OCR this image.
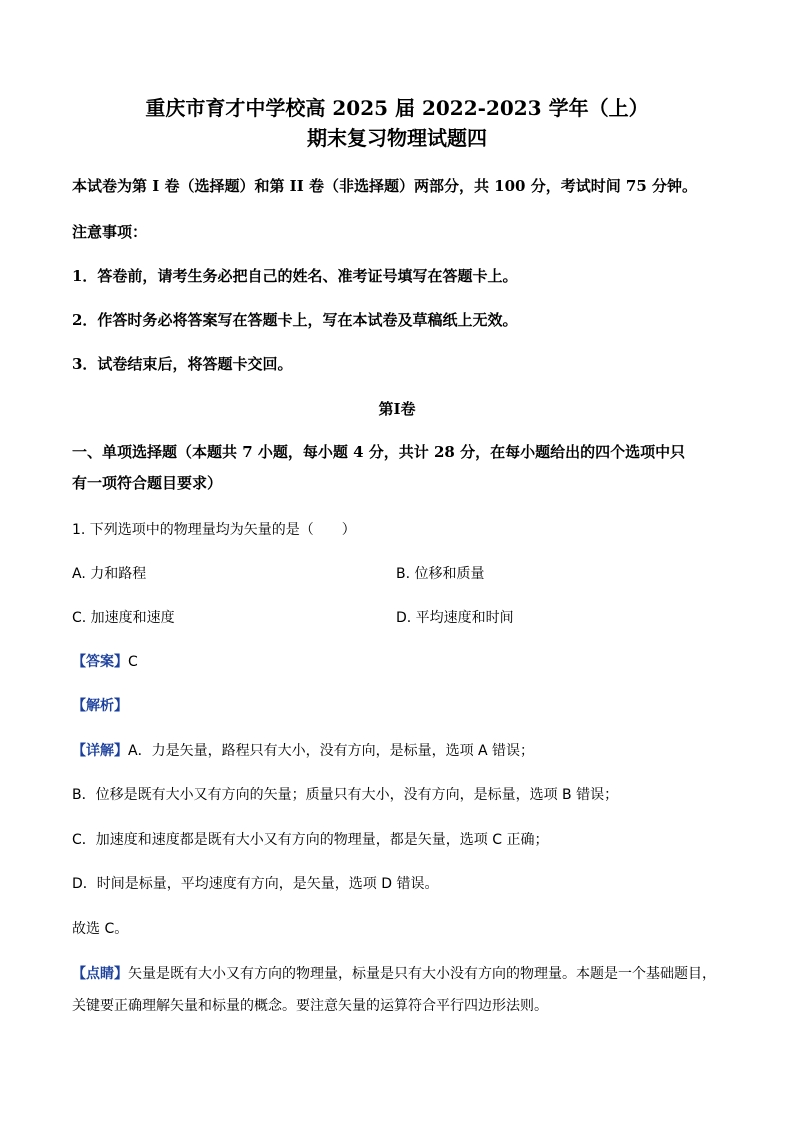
重庆市育才中学校高 2025 届 2022-2023 学年（上）
期末复习物理试题四
本试卷为第 I 卷（选择题）和第 II 卷（非选择题）两部分，共 100 分，考试时间 75 分钟。
注意事项：
1．答卷前，请考生务必把自己的姓名、准考证号填写在答题卡上。
2．作答时务必将答案写在答题卡上，写在本试卷及草稿纸上无效。
3．试卷结束后，将答题卡交回。
第Ⅰ卷
一、单项选择题（本题共 7 小题，每小题 4 分，共计 28 分，在每小题给出的四个选项中只
有一项符合题目要求）
1. 下列选项中的物理量均为矢量的是（　　）
A. 力和路程	B. 位移和质量
C. 加速度和速度	D. 平均速度和时间
【答案】C
【解析】
【详解】A．力是矢量，路程只有大小，没有方向，是标量，选项 A 错误；
B．位移是既有大小又有方向的矢量；质量只有大小，没有方向，是标量，选项 B 错误；
C．加速度和速度都是既有大小又有方向的物理量，都是矢量，选项 C 正确；
D．时间是标量，平均速度有方向，是矢量，选项 D 错误。
故选 C。
【点睛】矢量是既有大小又有方向的物理量，标量是只有大小没有方向的物理量。本题是一个基础题目，
关键要正确理解矢量和标量的概念。要注意矢量的运算符合平行四边形法则。
